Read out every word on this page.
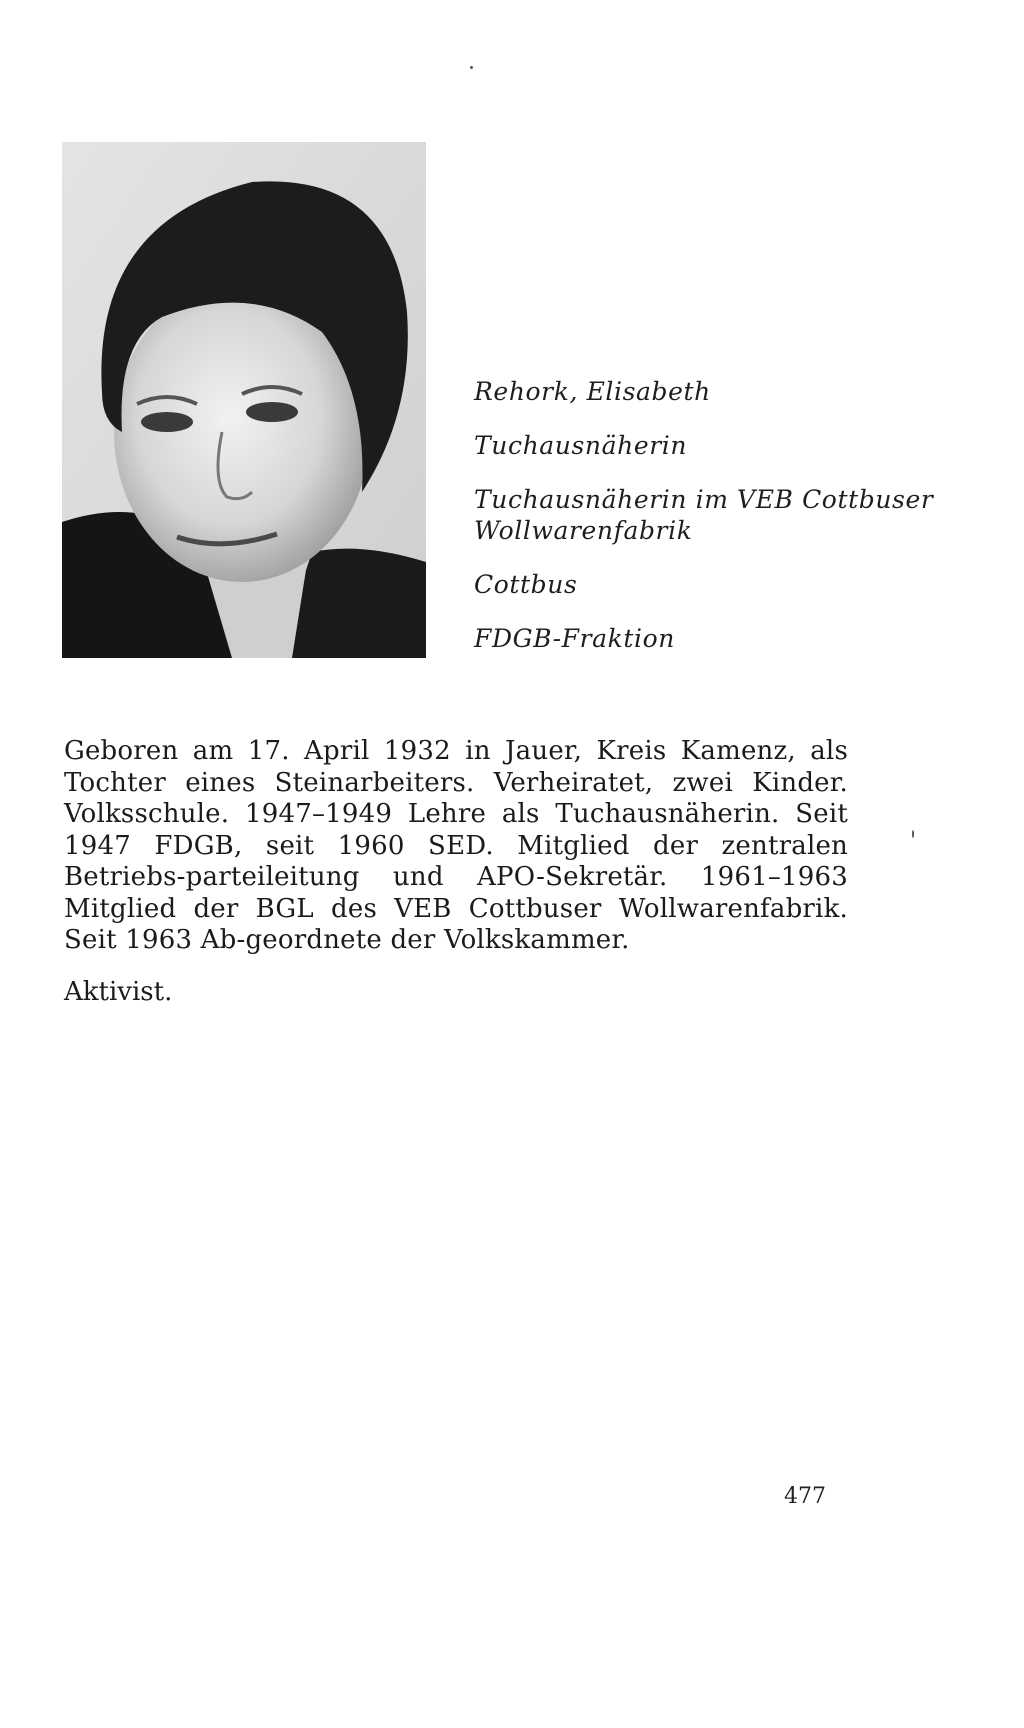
Rehork, Elisabeth
Tuchausnäherin
Tuchausnäherin im VEB Cottbuser Wollwarenfabrik
Cottbus
FDGB-Fraktion

Geboren am 17. April 1932 in Jauer, Kreis Kamenz, als Tochter eines Steinarbeiters. Verheiratet, zwei Kinder. Volksschule. 1947–1949 Lehre als Tuchausnäherin. Seit 1947 FDGB, seit 1960 SED. Mitglied der zentralen Betriebs-parteileitung und APO-Sekretär. 1961–1963 Mitglied der BGL des VEB Cottbuser Wollwarenfabrik. Seit 1963 Ab-geordnete der Volkskammer.

Aktivist.

477
